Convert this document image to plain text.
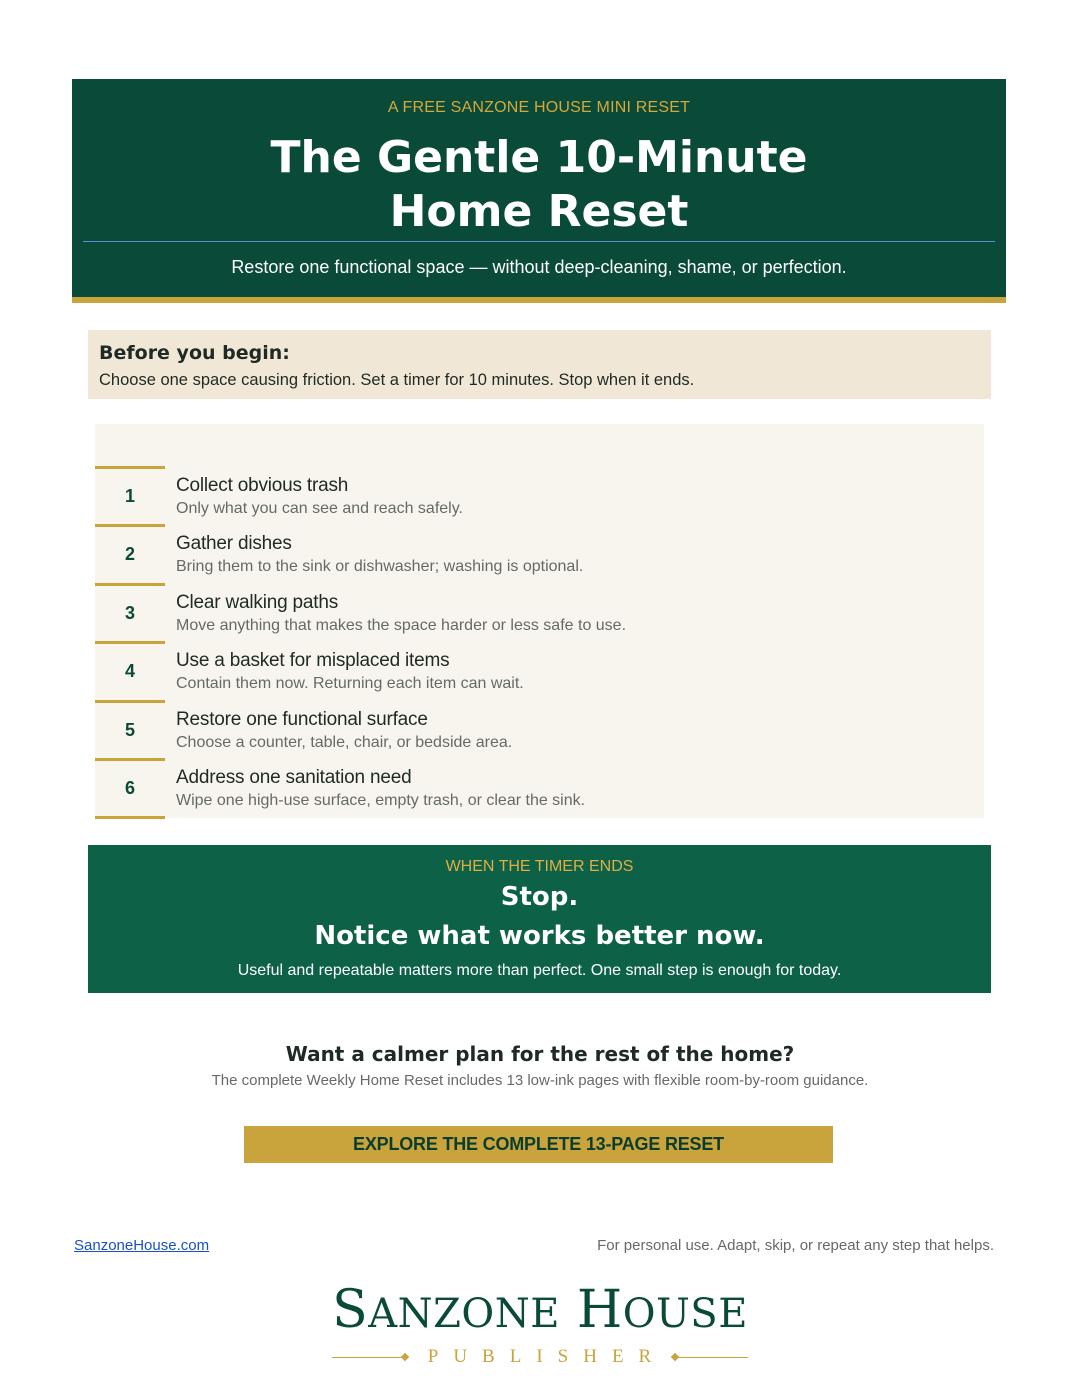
A FREE SANZONE HOUSE MINI RESET
The Gentle 10-Minute
Home Reset
Restore one functional space — without deep-cleaning, shame, or perfection.
Before you begin:
Choose one space causing friction. Set a timer for 10 minutes. Stop when it ends.
1	Collect obvious trash
Only what you can see and reach safely.
2	Gather dishes
Bring them to the sink or dishwasher; washing is optional.
3	Clear walking paths
Move anything that makes the space harder or less safe to use.
4	Use a basket for misplaced items
Contain them now. Returning each item can wait.
5	Restore one functional surface
Choose a counter, table, chair, or bedside area.
6	Address one sanitation need
Wipe one high-use surface, empty trash, or clear the sink.
WHEN THE TIMER ENDS
Stop.
Notice what works better now.
Useful and repeatable matters more than perfect. One small step is enough for today.
Want a calmer plan for the rest of the home?
The complete Weekly Home Reset includes 13 low-ink pages with flexible room-by-room guidance.
EXPLORE THE COMPLETE 13-PAGE RESET
SanzoneHouse.com	For personal use. Adapt, skip, or repeat any step that helps.
SANZONE HOUSE
PUBLISHER
